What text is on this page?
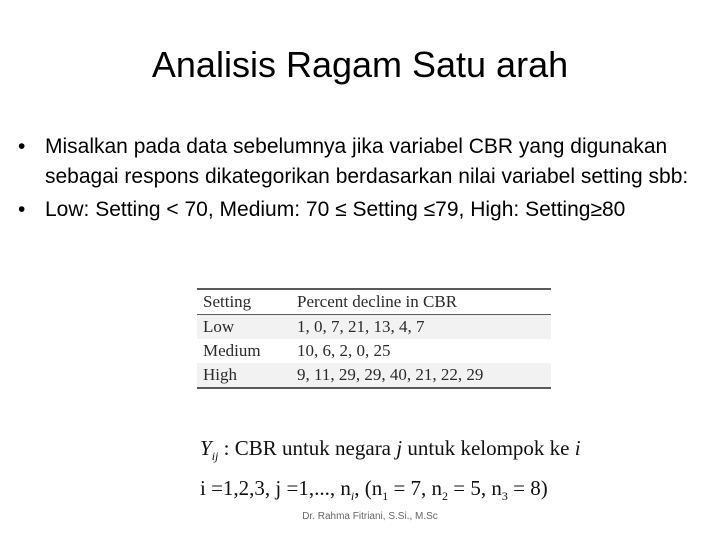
Analisis Ragam Satu arah
• Misalkan pada data sebelumnya jika variabel CBR yang digunakan sebagai respons dikategorikan berdasarkan nilai variabel setting sbb:
• Low: Setting < 70, Medium: 70 ≤ Setting ≤79, High: Setting≥80
Setting	Percent decline in CBR
Low	1, 0, 7, 21, 13, 4, 7
Medium	10, 6, 2, 0, 25
High	9, 11, 29, 29, 40, 21, 22, 29
$Y_{ij}$ : CBR untuk negara j untuk kelompok ke i
i =1,2,3, j =1,..., $n_i$, ($n_1 = 7$, $n_2 = 5$, $n_3 = 8$)
Dr. Rahma Fitriani, S.Si., M.Sc
